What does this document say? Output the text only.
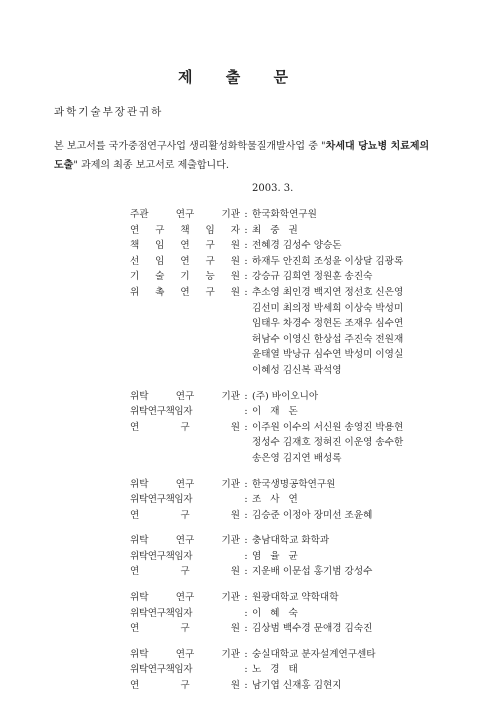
제 출 문
과학기술부장관귀하
본 보고서를 국가중점연구사업 생리활성화학물질개발사업 중 "차세대 당뇨병 치료제의
도출" 과제의 최종 보고서로 제출합니다.
2003. 3.
주관 연구 기관 : 한국화학연구원
연 구 책 임 자 : 최중권
책 임 연 구 원 : 전혜경 김성수 양승돈
선 임 연 구 원 : 하재두 안진희 조성윤 이상달 김광록
기 술 기 능 원 : 강승규 김희연 정원훈 송진숙
위 촉 연 구 원 : 추소영 최인경 백지연 정선호 신은영
김선미 최의정 박세희 이상숙 박성미
임태우 차경수 정현돈 조재우 심수연
허남수 이영신 한상섭 주진숙 전원재
윤태열 박낭규 심수연 박성미 이영실
이혜성 김신복 곽석영
위탁 연구 기관 : (주) 바이오니아
위탁연구책임자	: 이재돈
연 구 원 : 이주원 이수의 서신원 송영진 박용현
정성수 김재호 정혀진 이운영 송수한
송은영 김지연 배성록
위탁 연구 기관 : 한국생명공학연구원
위탁연구책임자	: 조사연
연 구 원 : 김승준 이정아 장미선 조윤혜
위탁 연구 기관 : 충남대학교 화학과
위탁연구책임자	: 염율균
연 구 원 : 지운배 이문섭 홍기범 강성수
위탁 연구 기관 : 원광대학교 약학대학
위탁연구책임자	: 이혜숙
연 구 원 : 김상범 백수경 문애경 김숙진
위탁 연구 기관 : 숭실대학교 분자설계연구센타
위탁연구책임자	: 노경태
연 구 원 : 남기엽 신재홍 김현지
